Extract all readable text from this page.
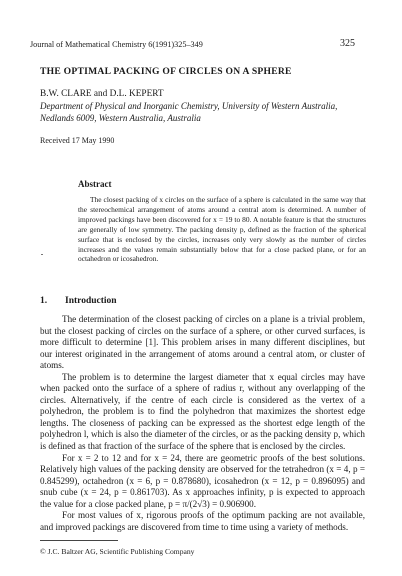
Journal of Mathematical Chemistry 6(1991)325–349	325
THE OPTIMAL PACKING OF CIRCLES ON A SPHERE
B.W. CLARE and D.L. KEPERT
Department of Physical and Inorganic Chemistry, University of Western Australia, Nedlands 6009, Western Australia, Australia
Received 17 May 1990
Abstract
The closest packing of x circles on the surface of a sphere is calculated in the same way that the stereochemical arrangement of atoms around a central atom is determined. A number of improved packings have been discovered for x = 19 to 80. A notable feature is that the structures are generally of low symmetry. The packing density p, defined as the fraction of the spherical surface that is enclosed by the circles, increases only very slowly as the number of circles increases and the values remain substantially below that for a close packed plane, or for an octahedron or icosahedron.
1. Introduction

The determination of the closest packing of circles on a plane is a trivial problem, but the closest packing of circles on the surface of a sphere, or other curved surfaces, is more difficult to determine [1]. This problem arises in many different disciplines, but our interest originated in the arrangement of atoms around a central atom, or cluster of atoms.

The problem is to determine the largest diameter that x equal circles may have when packed onto the surface of a sphere of radius r, without any overlapping of the circles. Alternatively, if the centre of each circle is considered as the vertex of a polyhedron, the problem is to find the polyhedron that maximizes the shortest edge lengths. The closeness of packing can be expressed as the shortest edge length of the polyhedron l, which is also the diameter of the circles, or as the packing density p, which is defined as that fraction of the surface of the sphere that is enclosed by the circles.

For x = 2 to 12 and for x = 24, there are geometric proofs of the best solutions. Relatively high values of the packing density are observed for the tetrahedron (x = 4, p = 0.845299), octahedron (x = 6, p = 0.878680), icosahedron (x = 12, p = 0.896095) and snub cube (x = 24, p = 0.861703). As x approaches infinity, p is expected to approach the value for a close packed plane, p = π/(2√3) = 0.906900.

For most values of x, rigorous proofs of the optimum packing are not available, and improved packings are discovered from time to time using a variety of methods.

© J.C. Baltzer AG, Scientific Publishing Company
